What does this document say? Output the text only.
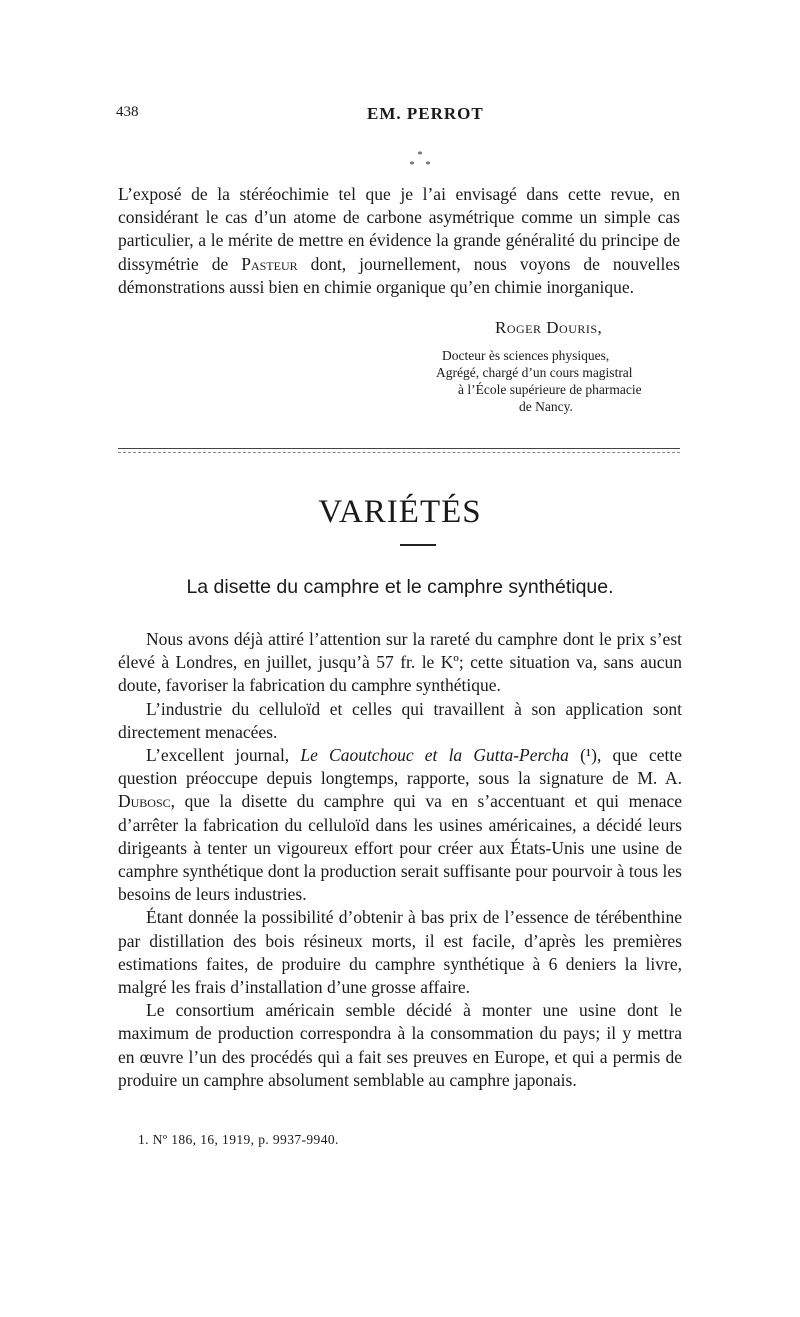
438	EM. PERROT
*
* *

L’exposé de la stéréochimie tel que je l’ai envisagé dans cette revue, en considérant le cas d’un atome de carbone asymétrique comme un simple cas particulier, a le mérite de mettre en évidence la grande généralité du principe de dissymétrie de Pasteur dont, journellement, nous voyons de nouvelles démonstrations aussi bien en chimie organique qu’en chimie inorganique.

Roger Douris,
Docteur ès sciences physiques,
Agrégé, chargé d’un cours magistral
à l’École supérieure de pharmacie
de Nancy.
VARIÉTÉS
La disette du camphre et le camphre synthétique.

Nous avons déjà attiré l’attention sur la rareté du camphre dont le prix s’est élevé à Londres, en juillet, jusqu’à 57 fr. le Kº; cette situation va, sans aucun doute, favoriser la fabrication du camphre synthétique.

L’industrie du celluloïd et celles qui travaillent à son application sont directement menacées.

L’excellent journal, Le Caoutchouc et la Gutta-Percha (¹), que cette question préoccupe depuis longtemps, rapporte, sous la signature de M. A. Dubosc, que la disette du camphre qui va en s’accentuant et qui menace d’arrêter la fabrication du celluloïd dans les usines américaines, a décidé leurs dirigeants à tenter un vigoureux effort pour créer aux États-Unis une usine de camphre synthétique dont la production serait suffisante pour pourvoir à tous les besoins de leurs industries.

Étant donnée la possibilité d’obtenir à bas prix de l’essence de térébenthine par distillation des bois résineux morts, il est facile, d’après les premières estimations faites, de produire du camphre synthétique à 6 deniers la livre, malgré les frais d’installation d’une grosse affaire.

Le consortium américain semble décidé à monter une usine dont le maximum de production correspondra à la consommation du pays; il y mettra en œuvre l’un des procédés qui a fait ses preuves en Europe, et qui a permis de produire un camphre absolument semblable au camphre japonais.

1. Nº 186, 16, 1919, p. 9937-9940.
